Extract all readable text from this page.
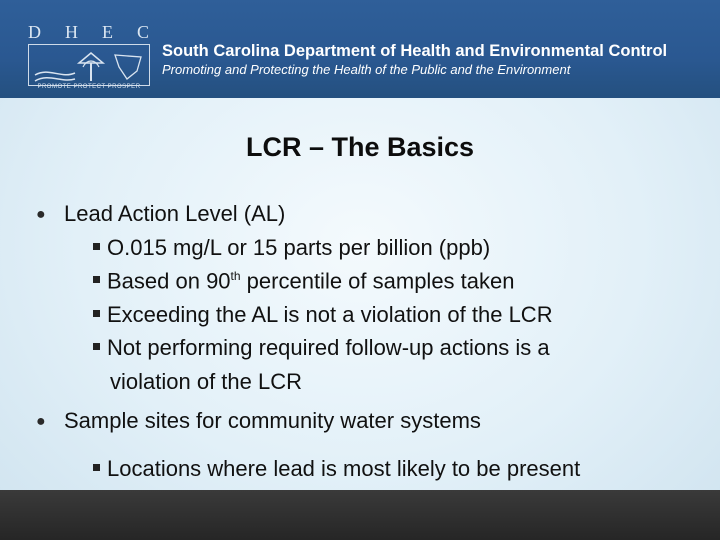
D H E C
PROMOTE PROTECT PROSPER
South Carolina Department of Health and Environmental Control
Promoting and Protecting the Health of the Public and the Environment
LCR – The Basics
● Lead Action Level (AL)
O.015 mg/L or 15 parts per billion (ppb)
Based on 90th percentile of samples taken
Exceeding the AL is not a violation of the LCR
Not performing required follow-up actions is a
violation of the LCR
● Sample sites for community water systems
Locations where lead is most likely to be present
